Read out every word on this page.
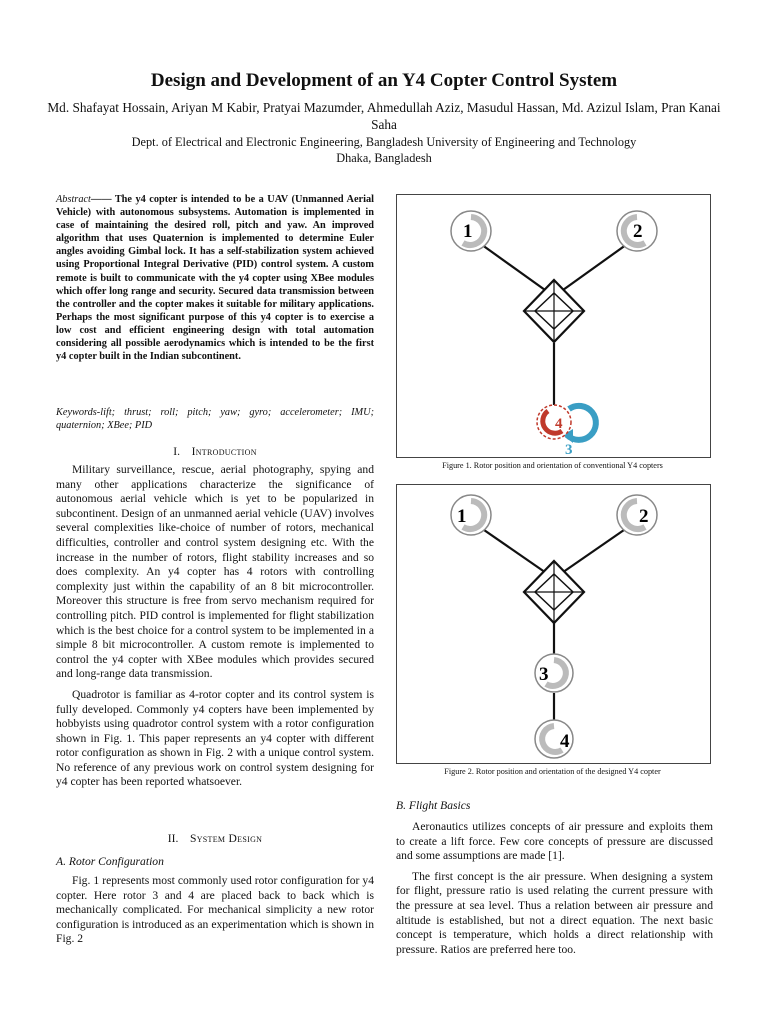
Design and Development of an Y4 Copter Control System
Md. Shafayat Hossain, Ariyan M Kabir, Pratyai Mazumder, Ahmedullah Aziz, Masudul Hassan, Md. Azizul Islam, Pran Kanai Saha
Dept. of Electrical and Electronic Engineering, Bangladesh University of Engineering and Technology
Dhaka, Bangladesh
Abstract—— The y4 copter is intended to be a UAV (Unmanned Aerial Vehicle) with autonomous subsystems. Automation is implemented in case of maintaining the desired roll, pitch and yaw. An improved algorithm that uses Quaternion is implemented to determine Euler angles avoiding Gimbal lock. It has a self-stabilization system achieved using Proportional Integral Derivative (PID) control system. A custom remote is built to communicate with the y4 copter using XBee modules which offer long range and security. Secured data transmission between the controller and the copter makes it suitable for military applications. Perhaps the most significant purpose of this y4 copter is to exercise a low cost and efficient engineering design with total automation considering all possible aerodynamics which is intended to be the first y4 copter built in the Indian subcontinent.
Keywords-lift; thrust; roll; pitch; yaw; gyro; accelerometer; IMU; quaternion; XBee; PID
I. Introduction

Military surveillance, rescue, aerial photography, spying and many other applications characterize the significance of autonomous aerial vehicle which is yet to be popularized in subcontinent. Design of an unmanned aerial vehicle (UAV) involves several complexities like-choice of number of rotors, mechanical difficulties, controller and control system designing etc. With the increase in the number of rotors, flight stability increases and so does complexity. An y4 copter has 4 rotors with controlling complexity just within the capability of an 8 bit microcontroller. Moreover this structure is free from servo mechanism required for controlling pitch. PID control is implemented for flight stabilization which is the best choice for a control system to be implemented in a simple 8 bit microcontroller. A custom remote is implemented to control the y4 copter with XBee modules which provides secured and long-range data transmission.

Quadrotor is familiar as 4-rotor copter and its control system is fully developed. Commonly y4 copters have been implemented by hobbyists using quadrotor control system with a rotor configuration shown in Fig. 1. This paper represents an y4 copter with different rotor configuration as shown in Fig. 2 with a unique control system. No reference of any previous work on control system designing for y4 copter has been reported whatsoever.

II. System Design
A. Rotor Configuration

Fig. 1 represents most commonly used rotor configuration for y4 copter. Here rotor 3 and 4 are placed back to back which is mechanically complicated. For mechanical simplicity a new rotor configuration is introduced as an experimentation which is shown in Fig. 2

1	2
4
3
Figure 1. Rotor position and orientation of conventional Y4 copters
1	2
3
4
Figure 2. Rotor position and orientation of the designed Y4 copter
B. Flight Basics

Aeronautics utilizes concepts of air pressure and exploits them to create a lift force. Few core concepts of pressure are discussed and some assumptions are made [1].

The first concept is the air pressure. When designing a system for flight, pressure ratio is used relating the current pressure with the pressure at sea level. Thus a relation between air pressure and altitude is established, but not a direct equation. The next basic concept is temperature, which holds a direct relationship with pressure. Ratios are preferred here too.
